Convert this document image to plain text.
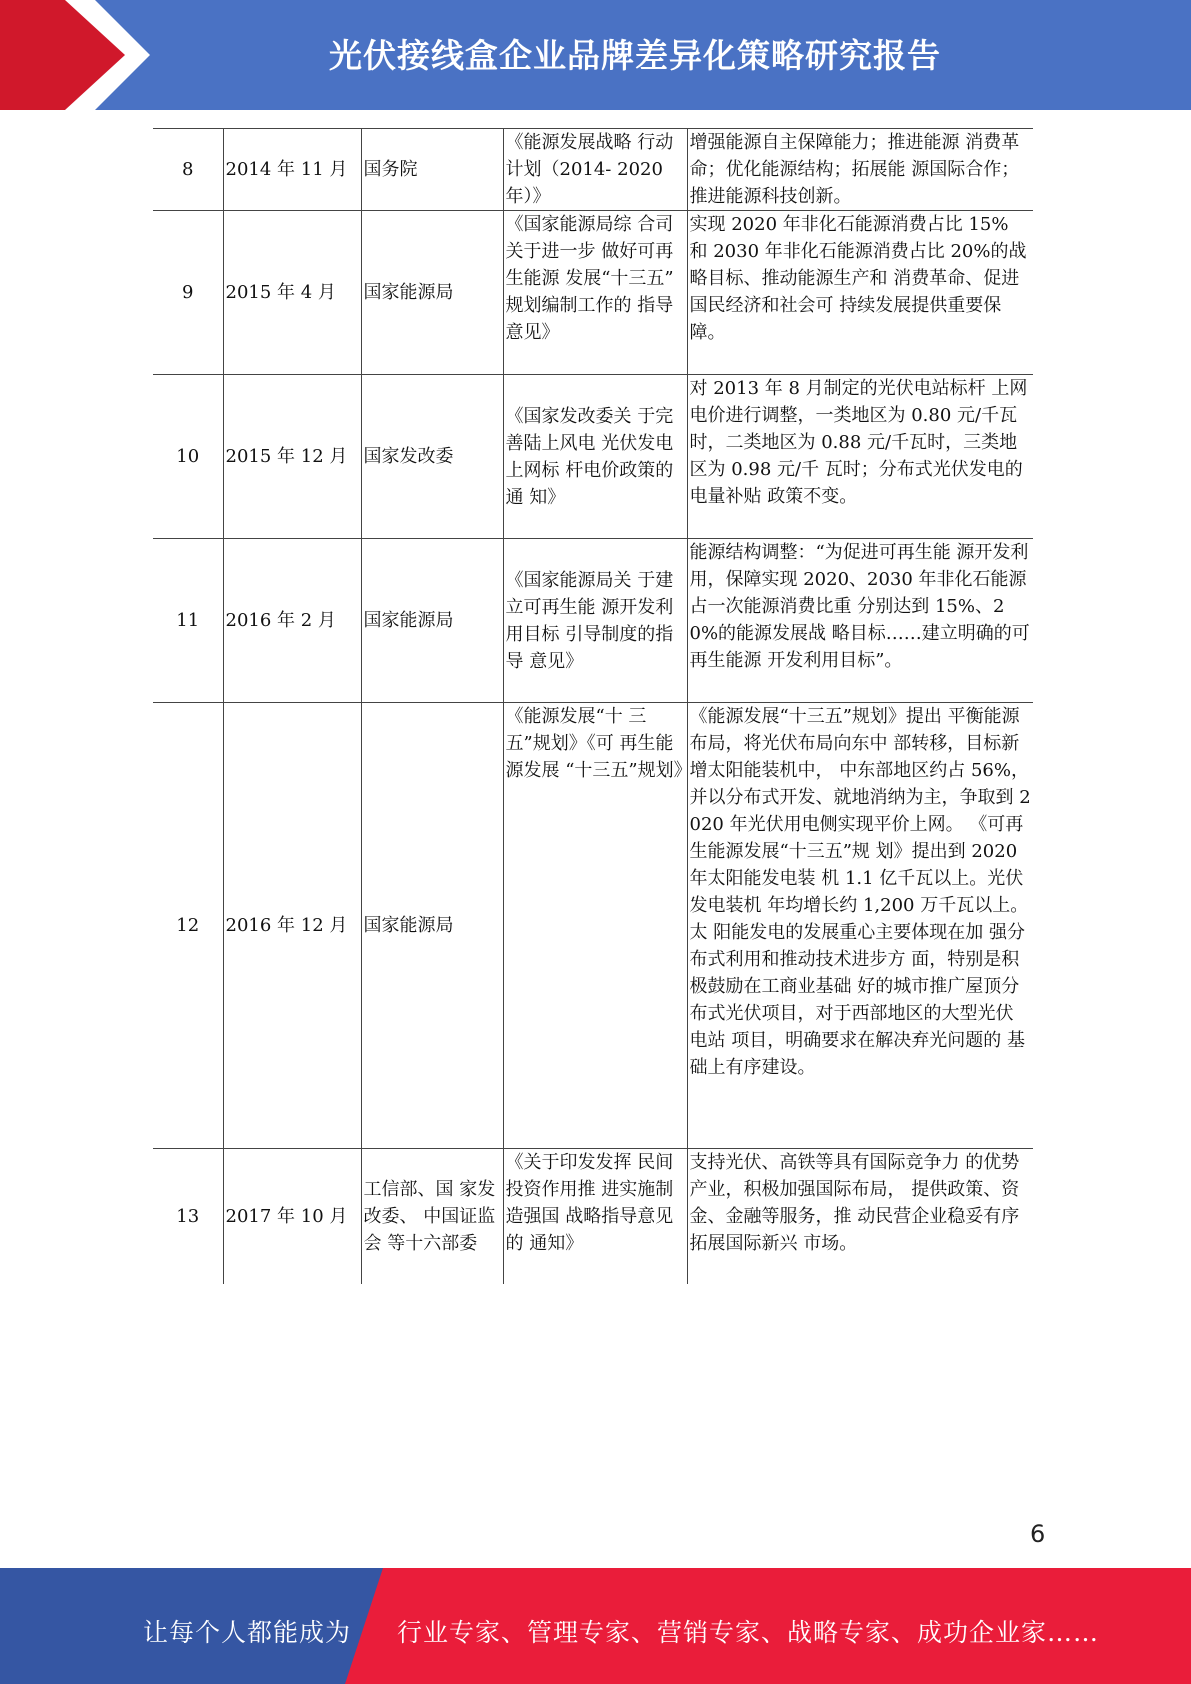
光伏接线盒企业品牌差异化策略研究报告
8	2014 年 11 月	国务院	《能源发展战略 行动计划（2014- 2020 年）》	增强能源自主保障能力；推进能源 消费革命；优化能源结构；拓展能 源国际合作；推进能源科技创新。
9	2015 年 4 月	国家能源局	《国家能源局综 合司关于进一步 做好可再生能源 发展“十三五” 规划编制工作的 指导意见》	实现 2020 年非化石能源消费占比 15% 和 2030 年非化石能源消费占比 20%的战略目标、推动能源生产和 消费革命、促进国民经济和社会可 持续发展提供重要保障。
10	2015 年 12 月	国家发改委	《国家发改委关 于完善陆上风电 光伏发电上网标 杆电价政策的通 知》	对 2013 年 8 月制定的光伏电站标杆 上网电价进行调整，一类地区为 0.80 元/千瓦时，二类地区为 0.88 元/千瓦时，三类地区为 0.98 元/千 瓦时；分布式光伏发电的电量补贴 政策不变。
11	2016 年 2 月	国家能源局	《国家能源局关 于建立可再生能 源开发利用目标 引导制度的指导 意见》	能源结构调整：“为促进可再生能 源开发利用，保障实现 2020、2030 年非化石能源占一次能源消费比重 分别达到 15%、20%的能源发展战 略目标……建立明确的可再生能源 开发利用目标”。
12	2016 年 12 月	国家能源局	《能源发展“十 三五”规划》《可 再生能源发展 “十三五”规划》	《能源发展“十三五”规划》提出 平衡能源布局，将光伏布局向东中 部转移，目标新增太阳能装机中， 中东部地区约占 56%，并以分布式开发、就地消纳为主，争取到 2020 年光伏用电侧实现平价上网。 《可再生能源发展“十三五”规 划》提出到 2020 年太阳能发电装 机 1.1 亿千瓦以上。光伏发电装机 年均增长约 1,200 万千瓦以上。太 阳能发电的发展重心主要体现在加 强分布式利用和推动技术进步方 面，特别是积极鼓励在工商业基础 好的城市推广屋顶分布式光伏项目，对于西部地区的大型光伏电站 项目，明确要求在解决弃光问题的 基础上有序建设。
13	2017 年 10 月	工信部、国 家发改委、 中国证监会 等十六部委	《关于印发发挥 民间投资作用推 进实施制造强国 战略指导意见的 通知》	支持光伏、高铁等具有国际竞争力 的优势产业，积极加强国际布局， 提供政策、资金、金融等服务，推 动民营企业稳妥有序拓展国际新兴 市场。
6
让每个人都能成为 行业专家、管理专家、营销专家、战略专家、成功企业家……
